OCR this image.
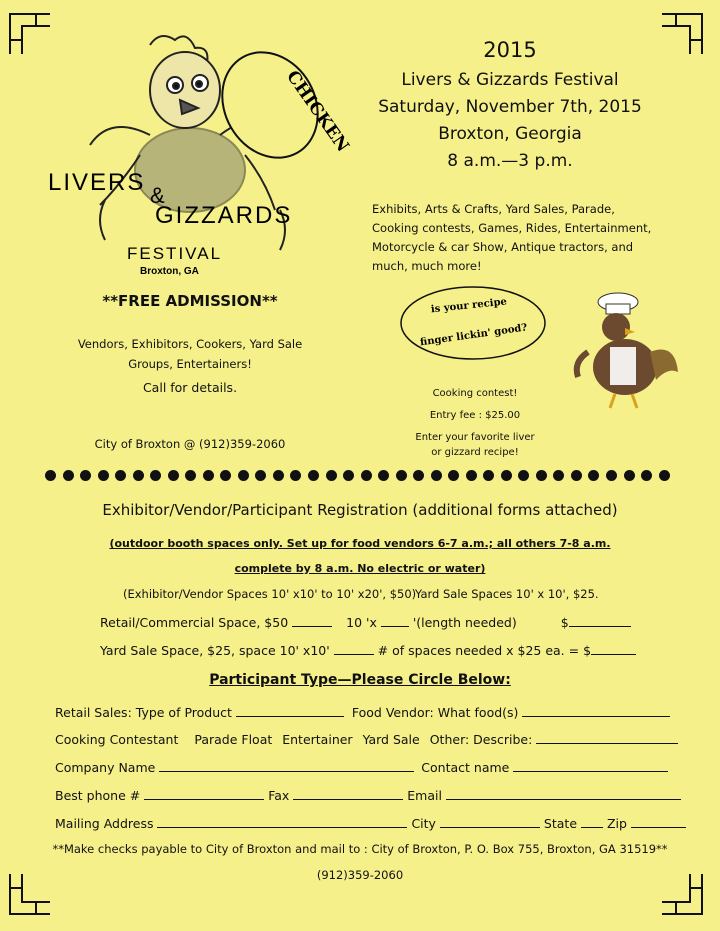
CHICKEN
LIVERS &
GIZZARDS
FESTIVAL
Broxton, GA
2015
Livers & Gizzards Festival
Saturday, November 7th, 2015
Broxton, Georgia
8 a.m.—3 p.m.
Exhibits, Arts & Crafts, Yard Sales, Parade, Cooking contests, Games, Rides, Entertainment, Motorcycle & car Show, Antique tractors, and much, much more!
**FREE ADMISSION**
Vendors, Exhibitors, Cookers, Yard Sale Groups, Entertainers!
Call for details.
City of Broxton @ (912)359-2060
is your recipe
finger lickin' good?
Cooking contest!
Entry fee : $25.00
Enter your favorite liver
or gizzard recipe!
Exhibitor/Vendor/Participant Registration (additional forms attached)
(outdoor booth spaces only. Set up for food vendors 6-7 a.m.; all others 7-8 a.m.
complete by 8 a.m. No electric or water)
(Exhibitor/Vendor Spaces 10' x10' to 10' x20', $50)
Yard Sale Spaces 10' x 10', $25.
Retail/Commercial Space, $50	10 'x	'(length needed)	$
Yard Sale Space, $25, space 10' x10'	# of spaces needed x $25 ea. = $
Participant Type—Please Circle Below:
Retail Sales: Type of Product	Food Vendor: What food(s)
Cooking Contestant Parade Float Entertainer Yard Sale Other: Describe:
Company Name	Contact name
Best phone #	Fax	Email
Mailing Address	City	State Zip
**Make checks payable to City of Broxton and mail to : City of Broxton, P. O. Box 755, Broxton, GA 31519**
(912)359-2060
